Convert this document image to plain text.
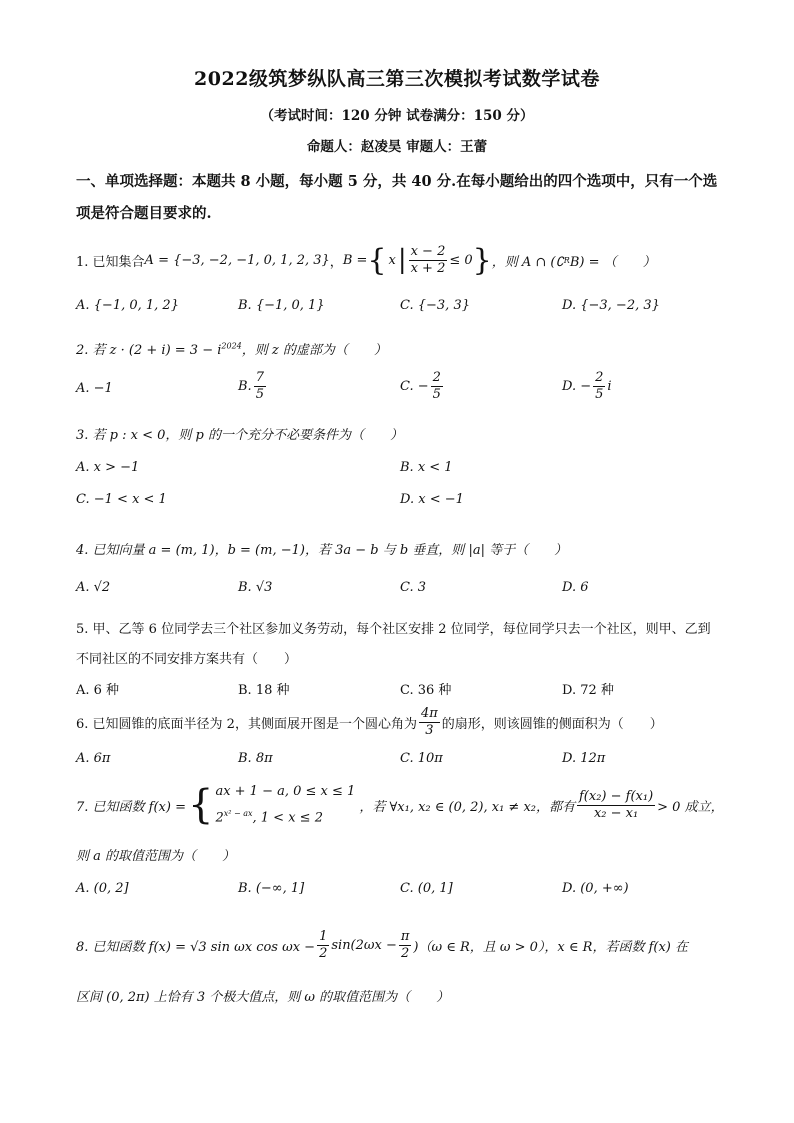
2022级筑梦纵队高三第三次模拟考试数学试卷
（考试时间：120 分钟 试卷满分：150 分）
命题人：赵凌昊 审题人：王蕾
一、单项选择题：本题共 8 小题，每小题 5 分，共 40 分.在每小题给出的四个选项中，只有一个选项是符合题目要求的.
1. 已知集合 A = {−3, −2, −1, 0, 1, 2, 3} ， B = { x | $\frac{x - 2}{x + 2} \le 0$ } ，则 A ∩ (∁ R B) = （　　）
A. {−1, 0, 1, 2}	B. {−1, 0, 1}	C. {−3, 3}	D. {−3, −2, 3}
2. 若 $z \cdot (2 + i) = 3 - i^{2024}$，则 z 的虚部为（　　）
A. −1	B. $\frac{7}{5}$	C. − $\frac{2}{5}$	D. − $\frac{2}{5}$ i
3. 若 p : x < 0，则 p 的一个充分不必要条件为（　　）
A. x > −1	B. x < 1
C. −1 < x < 1	D. x < −1
4. 已知向量 a = (m, 1)，b = (m, −1)，若 3a − b 与 b 垂直，则 |a| 等于（　　）
A. √2	B. √3	C. 3	D. 6
5. 甲、乙等 6 位同学去三个社区参加义务劳动，每个社区安排 2 位同学，每位同学只去一个社区，则甲、乙到不同社区的不同安排方案共有（　　）
A. 6 种	B. 18 种	C. 36 种	D. 72 种
6. 已知圆锥的底面半径为 2，其侧面展开图是一个圆心角为 $\frac{4\pi}{3}$ 的扇形，则该圆锥的侧面积为（　　）
A. 6π	B. 8π	C. 10π	D. 12π
7. 已知函数 f(x) = { ax + 1 − a, 0 ≤ x ≤ 1
$2^{x^2 - ax}$, 1 < x ≤ 2
，若 ∀x₁, x₂ ∈ (0, 2), x₁ ≠ x₂，都有 $\frac{\text{f(x₂) − f(x₁)}}{\text{x₂ − x₁}} > 0$ 成立，
则 a 的取值范围为（　　）
A. (0, 2]	B. (−∞, 1]	C. (0, 1]	D. (0, +∞)
8. 已知函数 f(x) = √3 sin ωx $\cos \omega x - \frac{1}{2} \sin(2\omega x - \frac{\pi}{2} )(\omega$ ∈ R，且 ω > 0），x ∈ R，若函数 f(x) 在
区间 (0, 2π) 上恰有 3 个极大值点，则 ω 的取值范围为（　　）
